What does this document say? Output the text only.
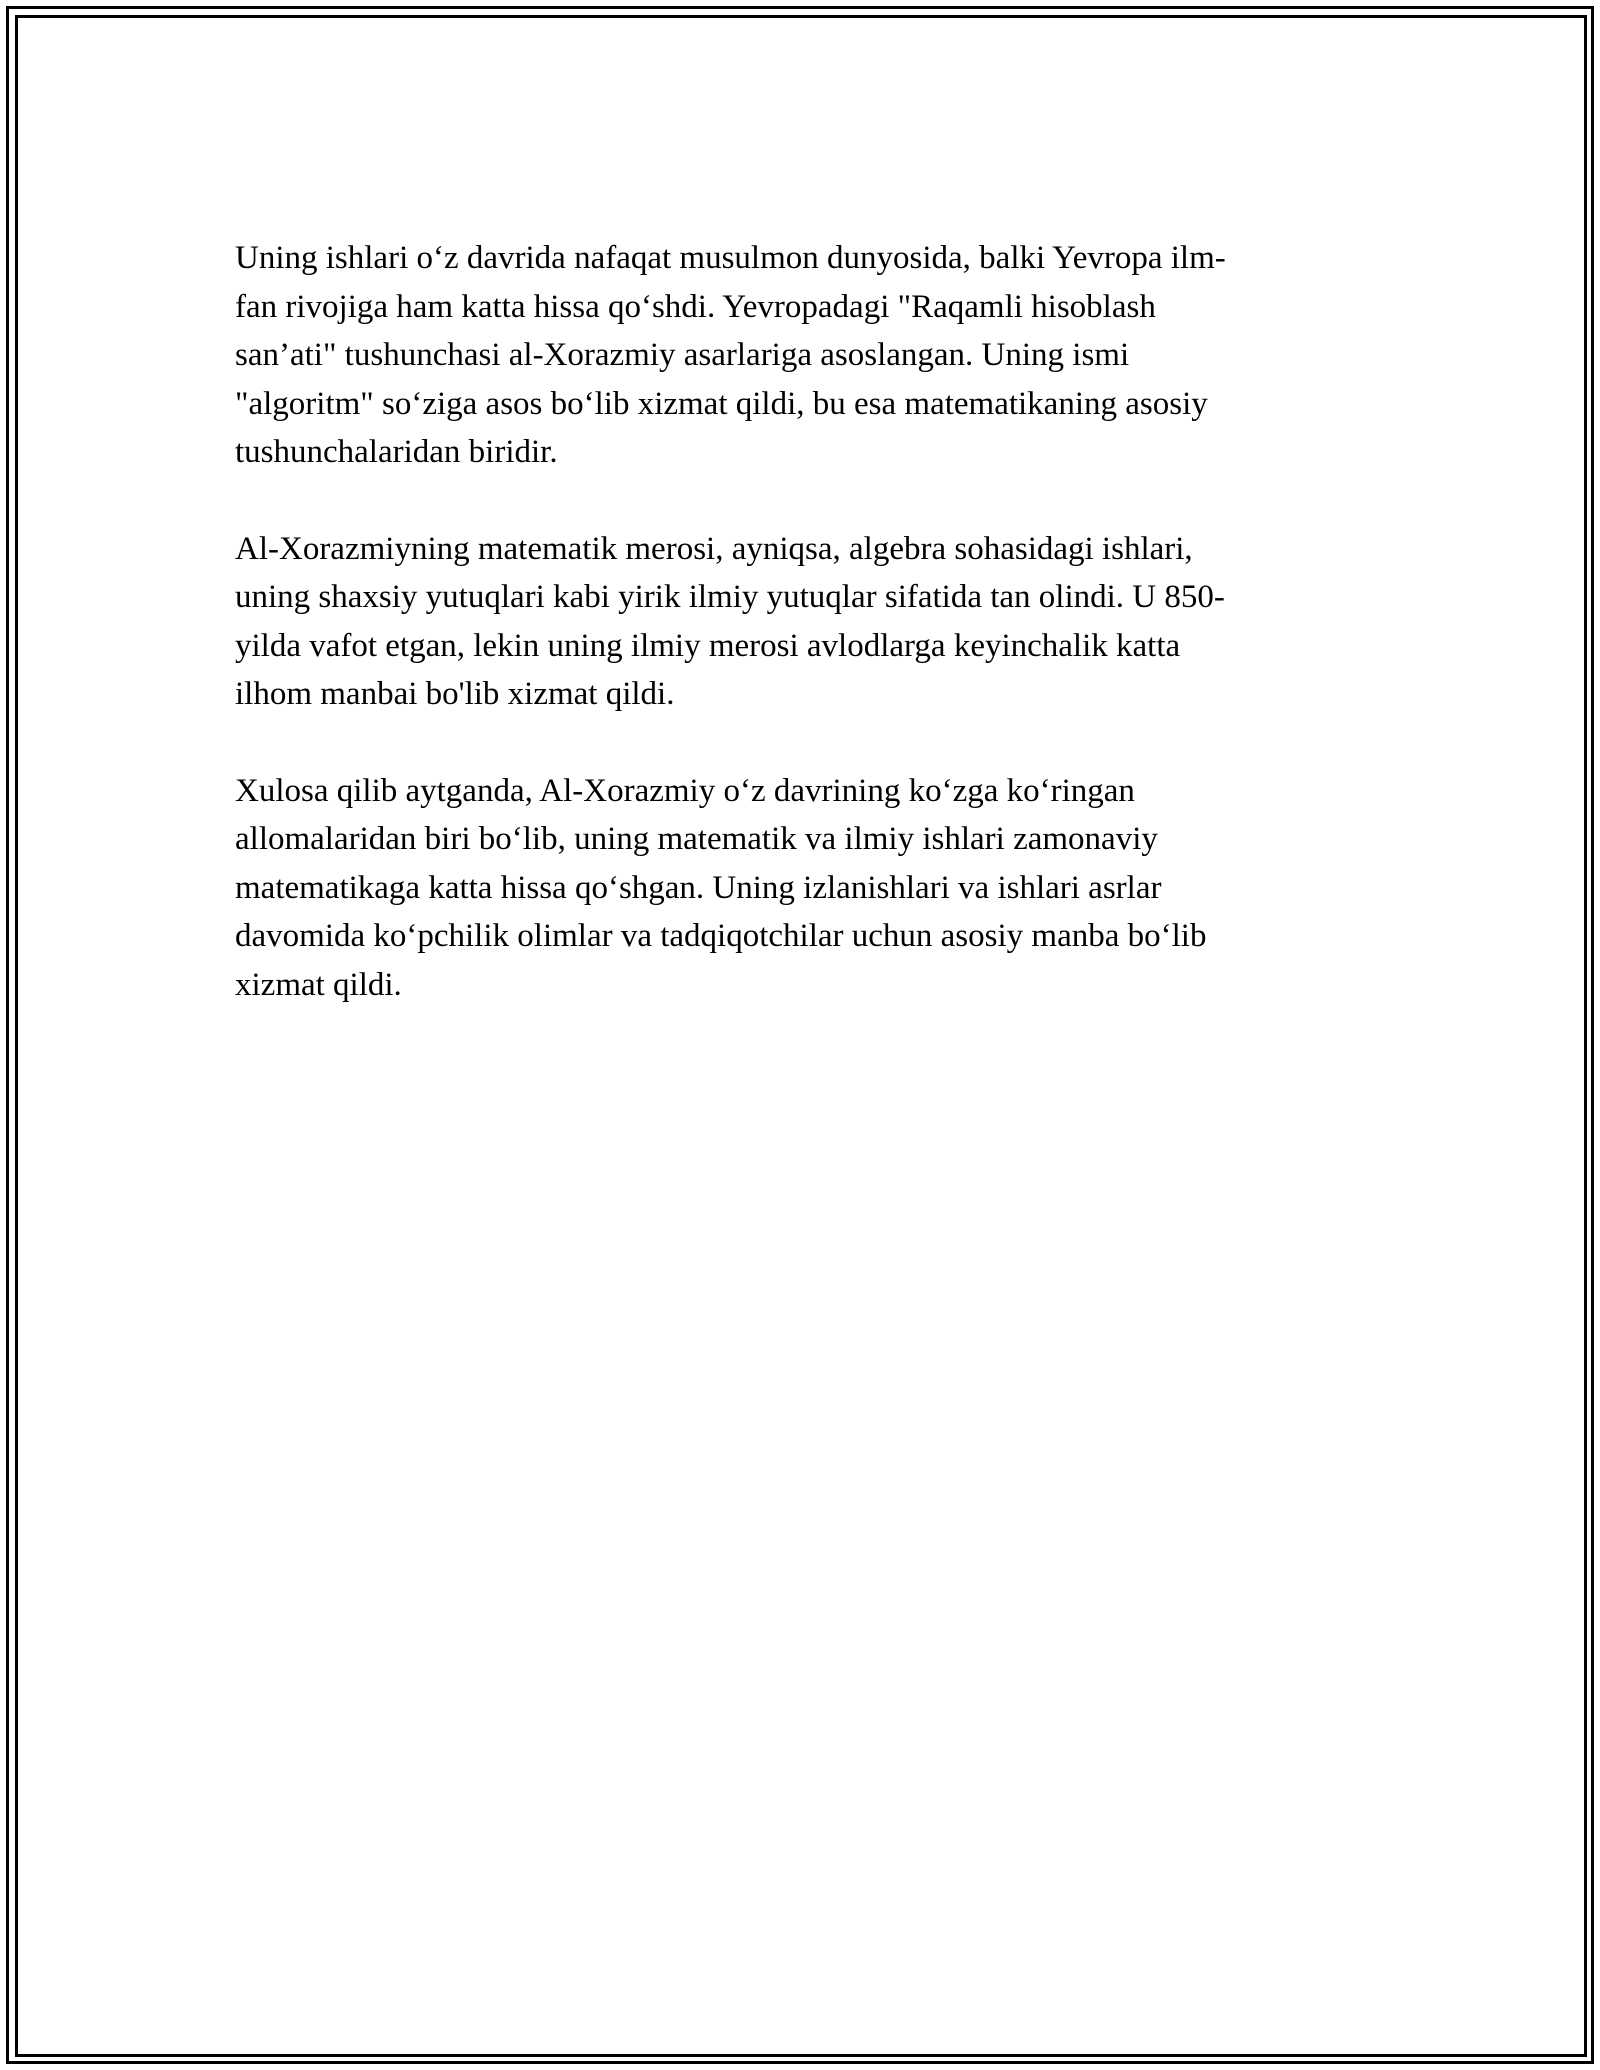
Uning ishlari o‘z davrida nafaqat musulmon dunyosida, balki Yevropa ilm-
fan rivojiga ham katta hissa qo‘shdi. Yevropadagi "Raqamli hisoblash
san’ati" tushunchasi al-Xorazmiy asarlariga asoslangan. Uning ismi
"algoritm" so‘ziga asos bo‘lib xizmat qildi, bu esa matematikaning asosiy
tushunchalaridan biridir.

Al-Xorazmiyning matematik merosi, ayniqsa, algebra sohasidagi ishlari,
uning shaxsiy yutuqlari kabi yirik ilmiy yutuqlar sifatida tan olindi. U 850-
yilda vafot etgan, lekin uning ilmiy merosi avlodlarga keyinchalik katta
ilhom manbai bo'lib xizmat qildi.

Xulosa qilib aytganda, Al-Xorazmiy o‘z davrining ko‘zga ko‘ringan
allomalaridan biri bo‘lib, uning matematik va ilmiy ishlari zamonaviy
matematikaga katta hissa qo‘shgan. Uning izlanishlari va ishlari asrlar
davomida ko‘pchilik olimlar va tadqiqotchilar uchun asosiy manba bo‘lib
xizmat qildi.
